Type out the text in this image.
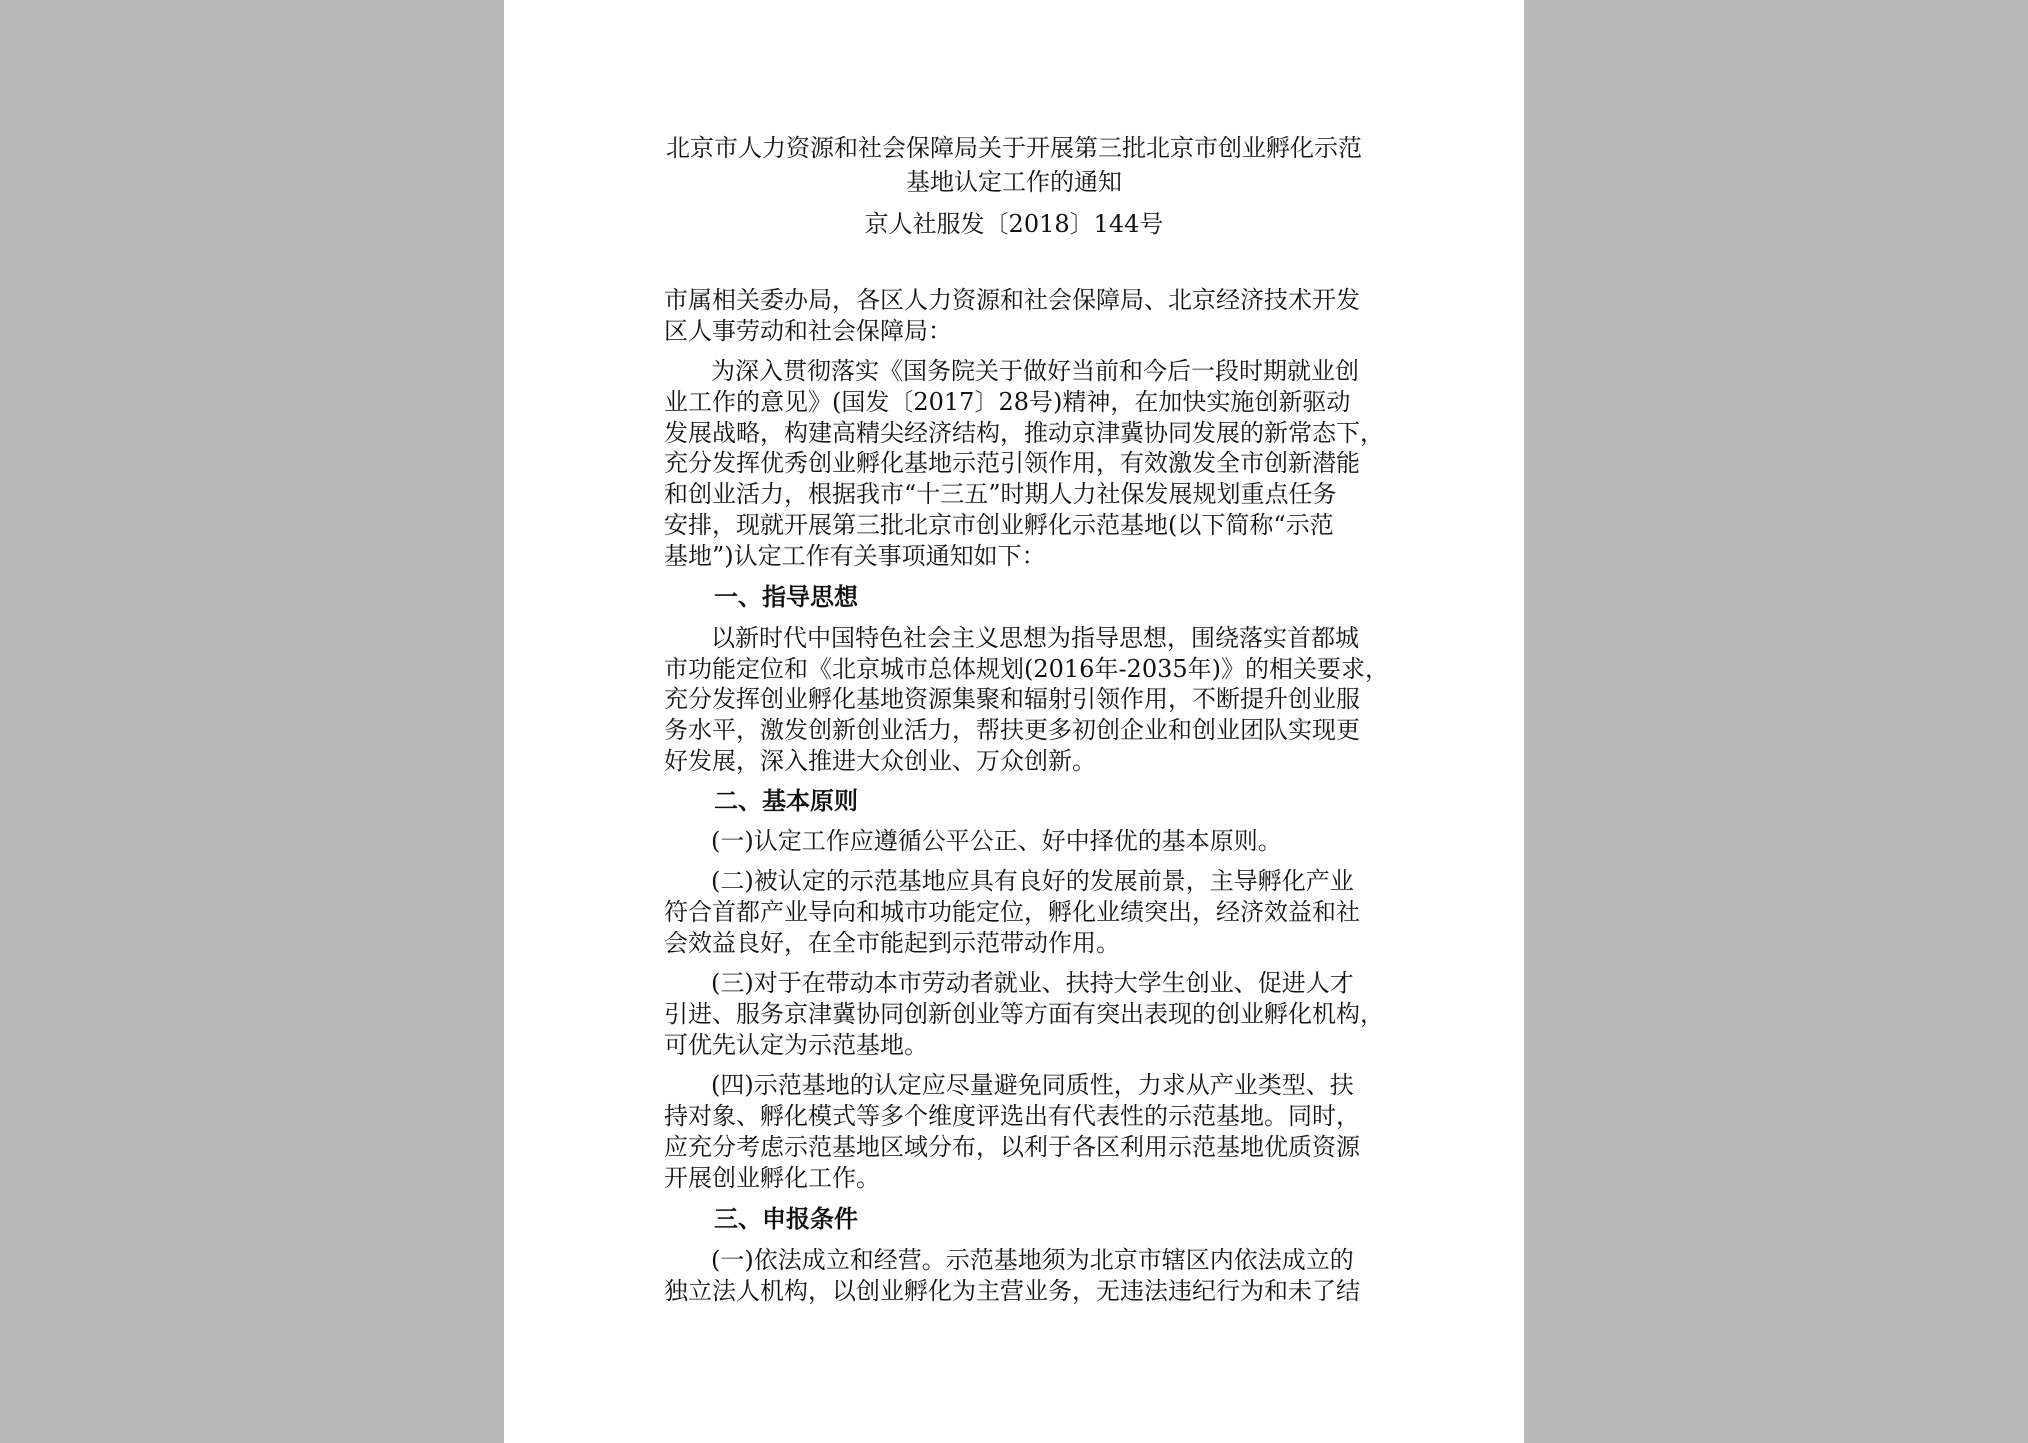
北京市人力资源和社会保障局关于开展第三批北京市创业孵化示范
基地认定工作的通知
京人社服发〔2018〕144号
市属相关委办局，各区人力资源和社会保障局、北京经济技术开发
区人事劳动和社会保障局：
为深入贯彻落实《国务院关于做好当前和今后一段时期就业创
业工作的意见》(国发〔2017〕28号)精神，在加快实施创新驱动
发展战略，构建高精尖经济结构，推动京津冀协同发展的新常态下，
充分发挥优秀创业孵化基地示范引领作用，有效激发全市创新潜能
和创业活力，根据我市“十三五”时期人力社保发展规划重点任务
安排，现就开展第三批北京市创业孵化示范基地(以下简称“示范
基地”)认定工作有关事项通知如下：
一、指导思想
以新时代中国特色社会主义思想为指导思想，围绕落实首都城
市功能定位和《北京城市总体规划(2016年-2035年)》的相关要求，
充分发挥创业孵化基地资源集聚和辐射引领作用，不断提升创业服
务水平，激发创新创业活力，帮扶更多初创企业和创业团队实现更
好发展，深入推进大众创业、万众创新。
二、基本原则
(一)认定工作应遵循公平公正、好中择优的基本原则。
(二)被认定的示范基地应具有良好的发展前景，主导孵化产业
符合首都产业导向和城市功能定位，孵化业绩突出，经济效益和社
会效益良好，在全市能起到示范带动作用。
(三)对于在带动本市劳动者就业、扶持大学生创业、促进人才
引进、服务京津冀协同创新创业等方面有突出表现的创业孵化机构，
可优先认定为示范基地。
(四)示范基地的认定应尽量避免同质性，力求从产业类型、扶
持对象、孵化模式等多个维度评选出有代表性的示范基地。同时，
应充分考虑示范基地区域分布，以利于各区利用示范基地优质资源
开展创业孵化工作。
三、申报条件
(一)依法成立和经营。示范基地须为北京市辖区内依法成立的
独立法人机构，以创业孵化为主营业务，无违法违纪行为和未了结
